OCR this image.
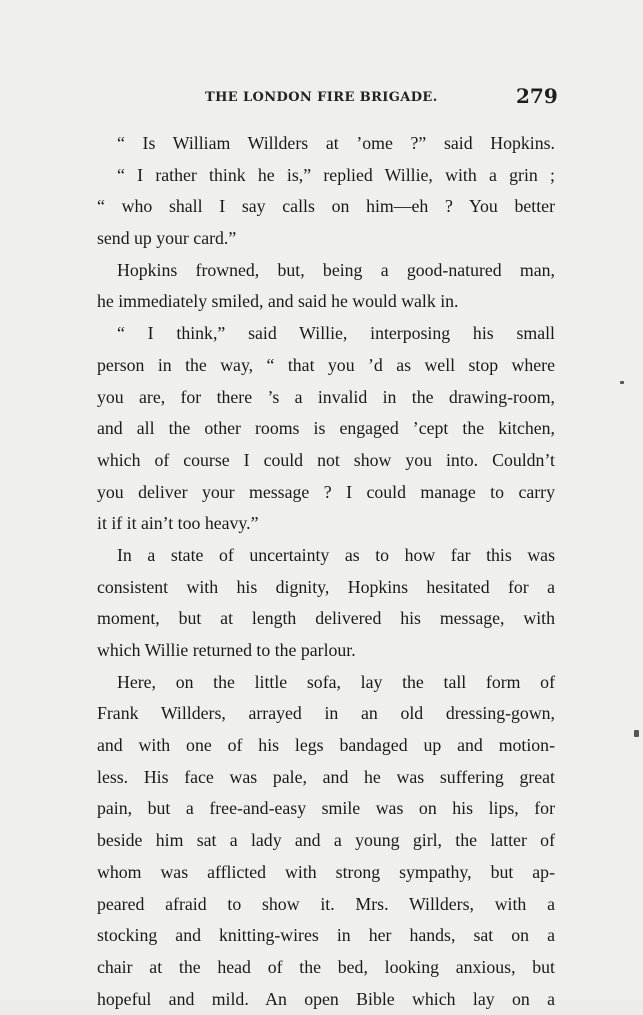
THE LONDON FIRE BRIGADE.	279
“ Is William Willders at ’ome ?” said Hopkins.
“ I rather think he is,” replied Willie, with a grin ;
“ who shall I say calls on him—eh ? You better
send up your card.”
Hopkins frowned, but, being a good-natured man,
he immediately smiled, and said he would walk in.
“ I think,” said Willie, interposing his small
person in the way, “ that you ’d as well stop where
you are, for there ’s a invalid in the drawing-room,
and all the other rooms is engaged ’cept the kitchen,
which of course I could not show you into. Couldn’t
you deliver your message ? I could manage to carry
it if it ain’t too heavy.”
In a state of uncertainty as to how far this was
consistent with his dignity, Hopkins hesitated for a
moment, but at length delivered his message, with
which Willie returned to the parlour.
Here, on the little sofa, lay the tall form of
Frank Willders, arrayed in an old dressing-gown,
and with one of his legs bandaged up and motion-
less. His face was pale, and he was suffering great
pain, but a free-and-easy smile was on his lips, for
beside him sat a lady and a young girl, the latter of
whom was afflicted with strong sympathy, but ap-
peared afraid to show it. Mrs. Willders, with a
stocking and knitting-wires in her hands, sat on a
chair at the head of the bed, looking anxious, but
hopeful and mild. An open Bible which lay on a
